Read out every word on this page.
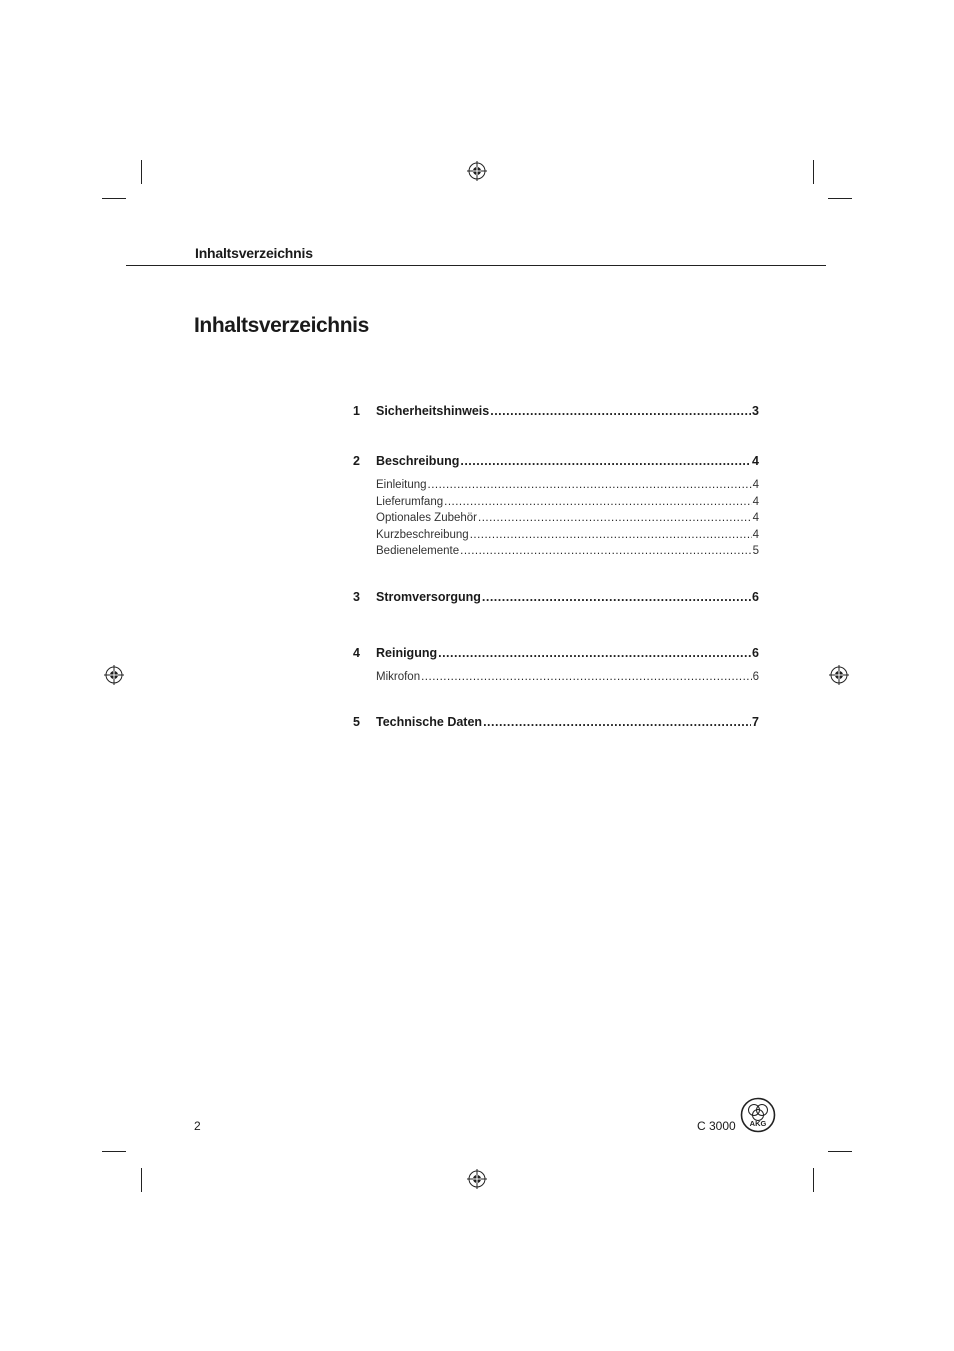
Inhaltsverzeichnis
Inhaltsverzeichnis
1	Sicherheitshinweis .....	3
2	Beschreibung .....	4
Einleitung .....	4
Lieferumfang .....	4
Optionales Zubehör .....	4
Kurzbeschreibung .....	4
Bedienelemente .....	5
3	Stromversorgung .....	6
4	Reinigung .....	6
Mikrofon .....	6
5	Technische Daten .....	7
2	C 3000 AKG
